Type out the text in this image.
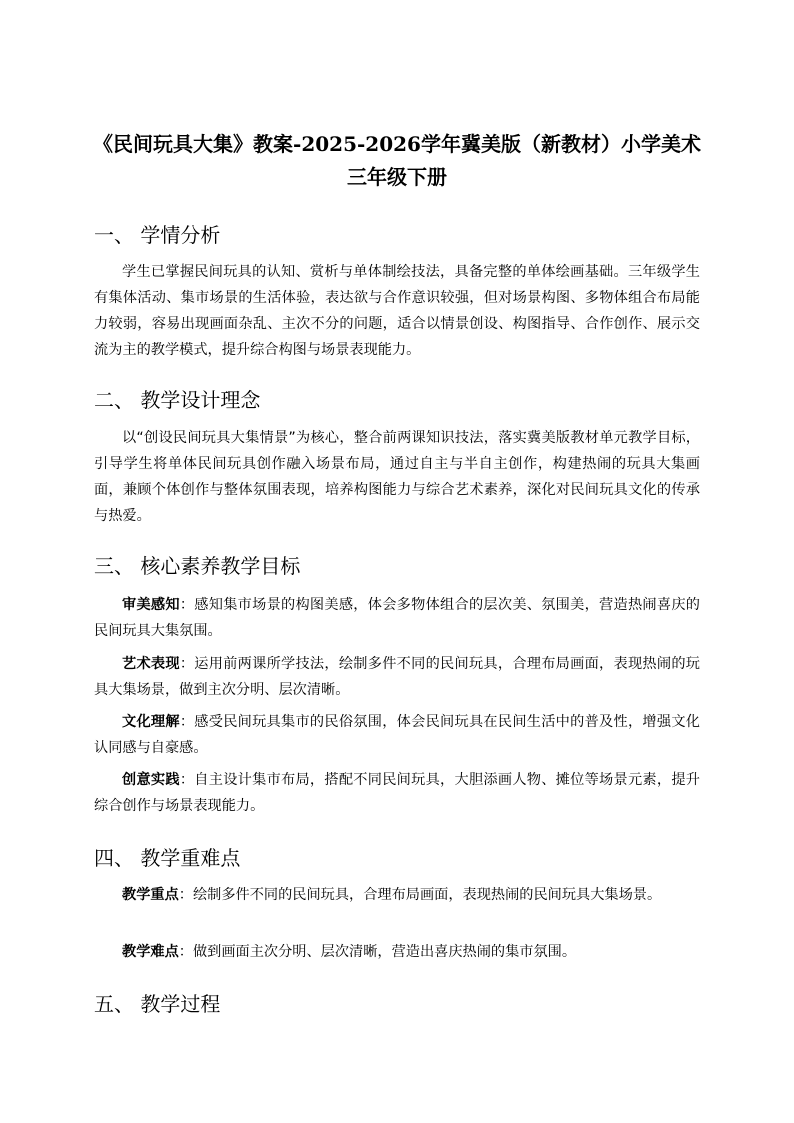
《民间玩具大集》教案-2025-2026学年冀美版（新教材）小学美术三年级下册
一、 学情分析

学生已掌握民间玩具的认知、赏析与单体制绘技法，具备完整的单体绘画基础。三年级学生有集体活动、集市场景的生活体验，表达欲与合作意识较强，但对场景构图、多物体组合布局能力较弱，容易出现画面杂乱、主次不分的问题，适合以情景创设、构图指导、合作创作、展示交流为主的教学模式，提升综合构图与场景表现能力。

二、 教学设计理念

以“创设民间玩具大集情景”为核心，整合前两课知识技法，落实冀美版教材单元教学目标，引导学生将单体民间玩具创作融入场景布局，通过自主与半自主创作，构建热闹的玩具大集画面，兼顾个体创作与整体氛围表现，培养构图能力与综合艺术素养，深化对民间玩具文化的传承与热爱。

三、 核心素养教学目标

审美感知：感知集市场景的构图美感，体会多物体组合的层次美、氛围美，营造热闹喜庆的民间玩具大集氛围。

艺术表现：运用前两课所学技法，绘制多件不同的民间玩具，合理布局画面，表现热闹的玩具大集场景，做到主次分明、层次清晰。

文化理解：感受民间玩具集市的民俗氛围，体会民间玩具在民间生活中的普及性，增强文化认同感与自豪感。

创意实践：自主设计集市布局，搭配不同民间玩具，大胆添画人物、摊位等场景元素，提升综合创作与场景表现能力。

四、 教学重难点

教学重点：绘制多件不同的民间玩具，合理布局画面，表现热闹的民间玩具大集场景。

教学难点：做到画面主次分明、层次清晰，营造出喜庆热闹的集市氛围。

五、 教学过程
